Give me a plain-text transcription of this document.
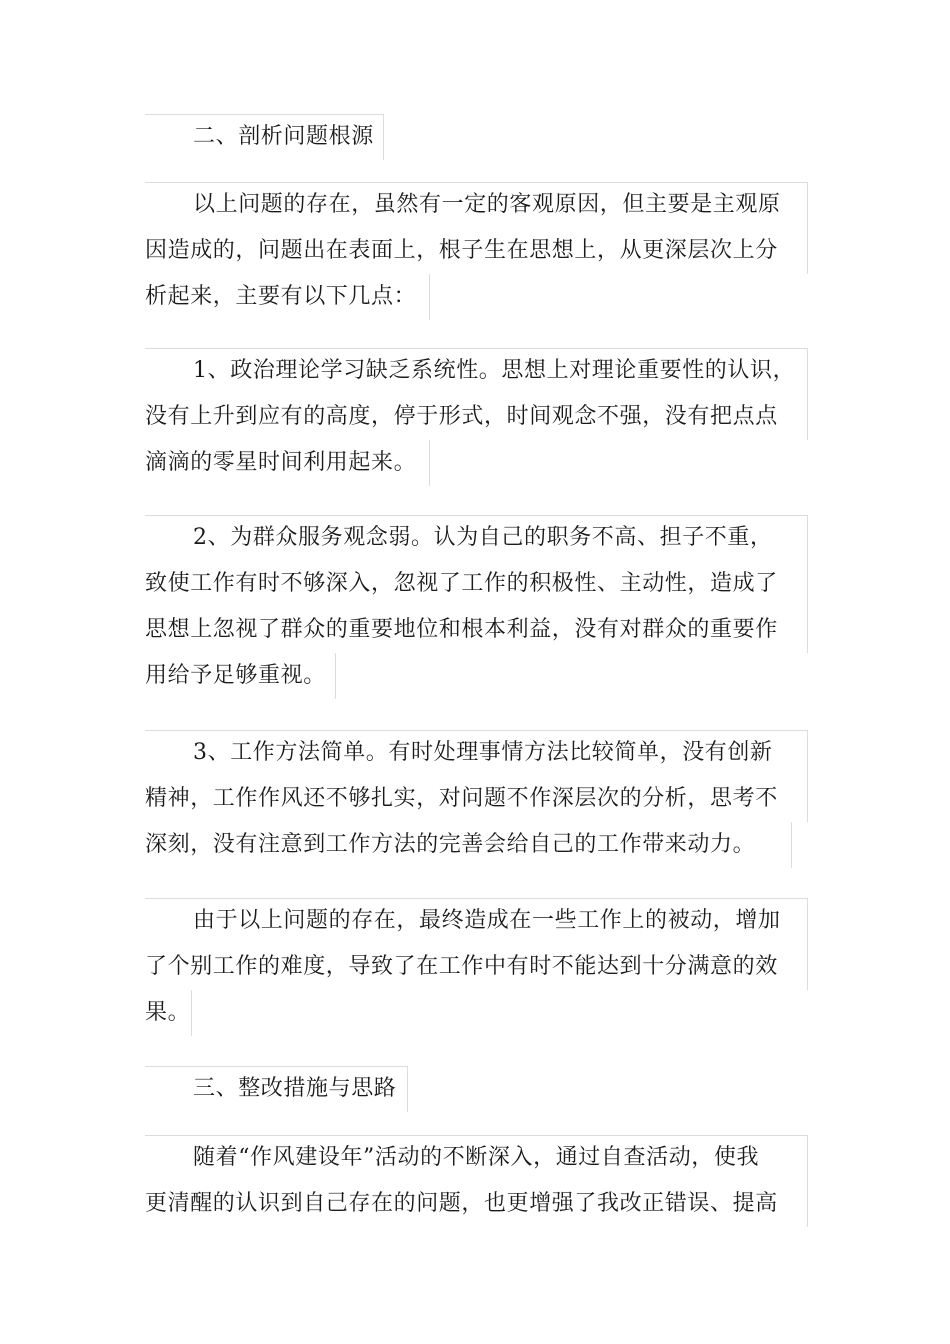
二、剖析问题根源
以上问题的存在，虽然有一定的客观原因，但主要是主观原
因造成的，问题出在表面上，根子生在思想上，从更深层次上分
析起来，主要有以下几点：
1、政治理论学习缺乏系统性。思想上对理论重要性的认识，
没有上升到应有的高度，停于形式，时间观念不强，没有把点点
滴滴的零星时间利用起来。
2、为群众服务观念弱。认为自己的职务不高、担子不重，
致使工作有时不够深入，忽视了工作的积极性、主动性，造成了
思想上忽视了群众的重要地位和根本利益，没有对群众的重要作
用给予足够重视。
3、工作方法简单。有时处理事情方法比较简单，没有创新
精神，工作作风还不够扎实，对问题不作深层次的分析，思考不
深刻，没有注意到工作方法的完善会给自己的工作带来动力。
由于以上问题的存在，最终造成在一些工作上的被动，增加
了个别工作的难度，导致了在工作中有时不能达到十分满意的效
果。
三、整改措施与思路
随着“作风建设年”活动的不断深入，通过自查活动，使我
更清醒的认识到自己存在的问题，也更增强了我改正错误、提高
